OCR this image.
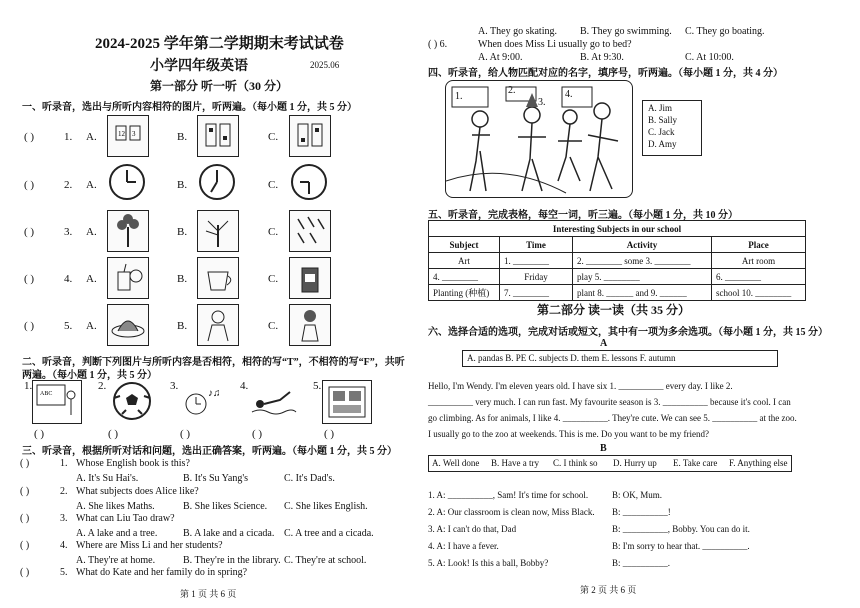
2024-2025 学年第二学期期末考试试卷
小学四年级英语	2025.06
第一部分 听一听（30 分）
一、听录音，选出与所听内容相符的图片，听两遍。（每小题 1 分，共 5 分）
( )	1. A.	B.	C.
12 3
( )	2. A.	B.	C.
( )	3. A.	B.	C.
( )	4. A.	B.	C.
( )	5. A.	B.	C.
二、听录音，判断下列图片与所听内容是否相符，相符的写“T”，不相符的写“F”，共听
两遍。（每小题 1 分，共 5 分）
1.	2.	3.	4.	5.
ABC	♪♫
( )	( )	( )	( )	( )
三、听录音，根据所听对话和问题，选出正确答案，听两遍。（每小题 1 分，共 5 分）
( )	1. Whose English book is this?
A. It's Su Hai's.	B. It's Su Yang's	C. It's Dad's.
( )	2. What subjects does Alice like?
A. She likes Maths.	B. She likes Science. C. She likes English.
( )	3. What can Liu Tao draw?
A. A lake and a tree.	B. A lake and a cicada. C. A tree and a cicada.
( )	4. Where are Miss Li and her students?
A. They're at home.	B. They're in the library. C. They're at school.
( )	5. What do Kate and her family do in spring?
第 1 页 共 6 页
A. They go skating. B. They go swimming. C. They go boating.
( ) 6.	When does Miss Li usually go to bed?
A. At 9:00.	B. At 9:30.	C. At 10:00.
四、听录音，给人物匹配对应的名字，填序号，听两遍。（每小题 1 分，共 4 分）
1.
2.
3.
4.
A. Jim
B. Sally
C. Jack
D. Amy
五、听录音，完成表格，每空一词，听三遍。（每小题 1 分，共 10 分）
Interesting Subjects in our school			
Subject	Time	Activity	Place
Art	1. ________	2. ________ some 3. ________	Art room
4. ________	Friday	play 5. ________	6. ________
Planting (种植)	7. ________	plant 8. ______ and 9. ______	school 10. ________
第二部分 读一读（共 35 分）
六、选择合适的选项，完成对话或短文，其中有一项为多余选项。（每小题 1 分，共 15 分）
A
A. pandas B. PE C. subjects D. them E. lessons F. autumn
Hello, I'm Wendy. I'm eleven years old. I have six 1. __________ every day. I like 2.
__________ very much. I can run fast. My favourite season is 3. __________ because it's cool. I can
go climbing. As for animals, I like 4. __________. They're cute. We can see 5. __________ at the zoo.
I usually go to the zoo at weekends. This is me. Do you want to be my friend?
B
A. Well done B. Have a try C. I think so D. Hurry up E. Take care F. Anything else
1. A: __________, Sam! It's time for school.	B: OK, Mum.
2. A: Our classroom is clean now, Miss Black. B: __________!
3. A: I can't do that, Dad	B: __________, Bobby. You can do it.
4. A: I have a fever.	B: I'm sorry to hear that. __________.
5. A: Look! Is this a ball, Bobby?	B: __________.
第 2 页 共 6 页
